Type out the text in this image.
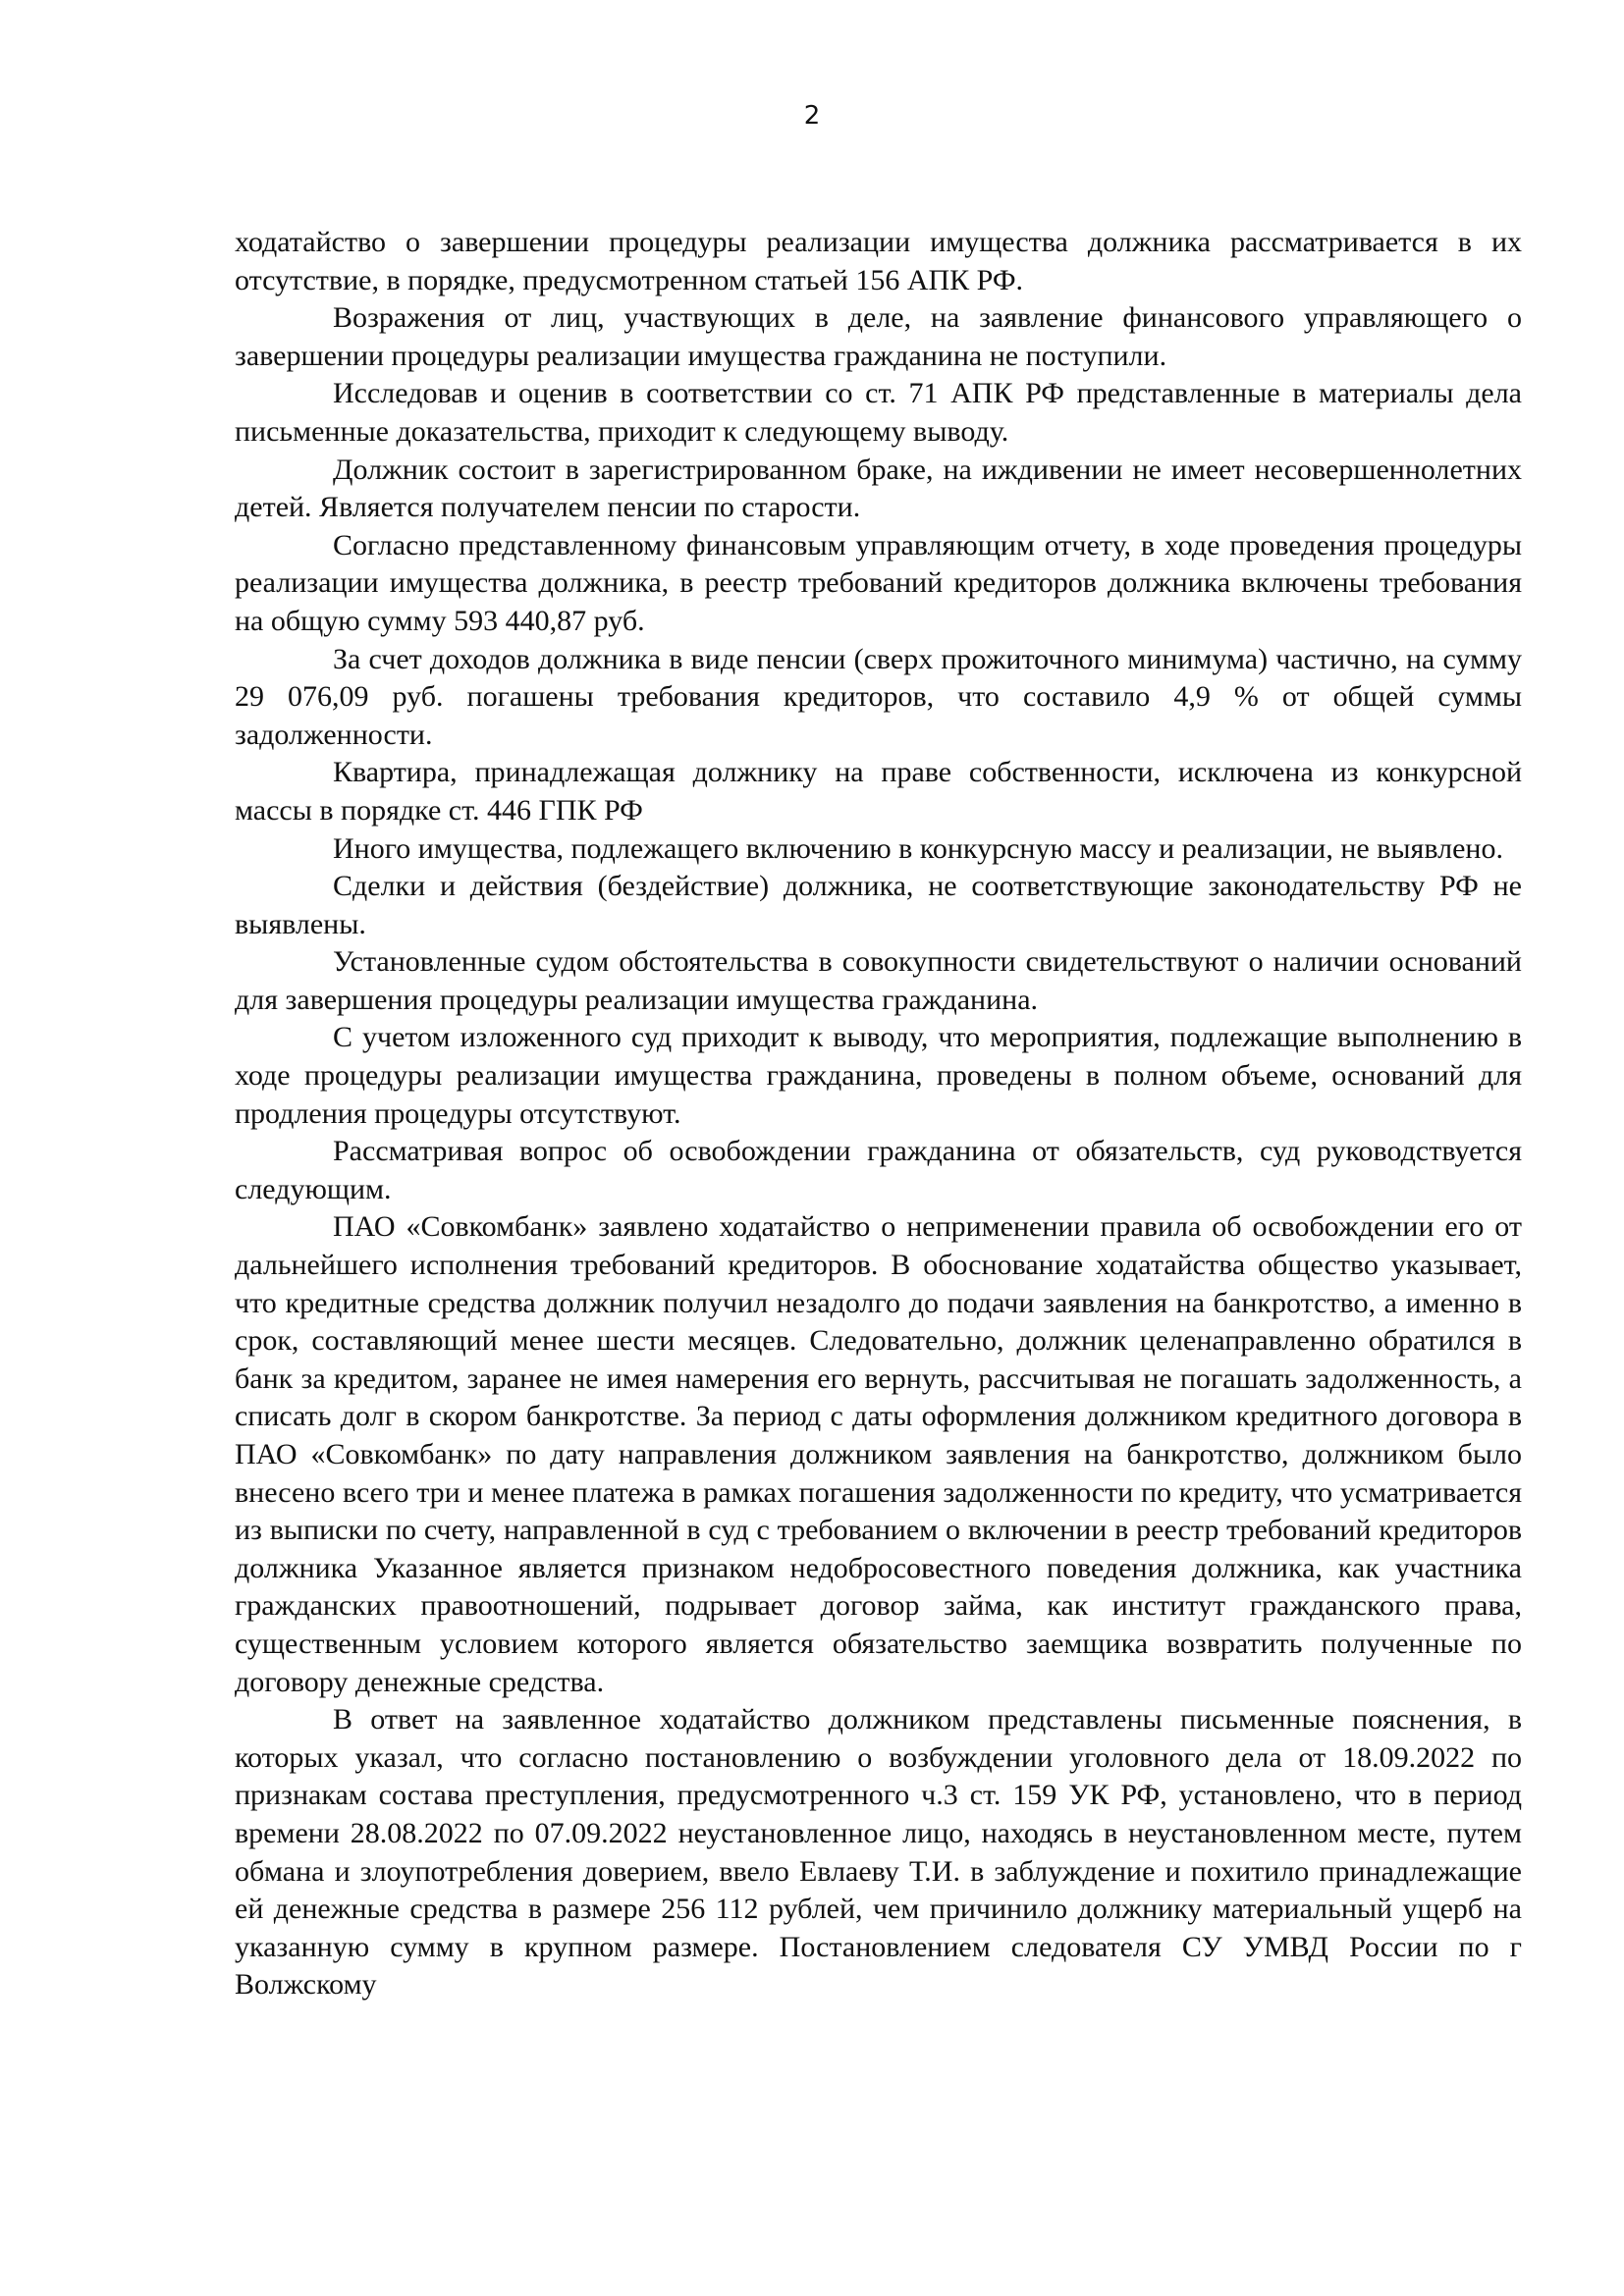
2

ходатайство о завершении процедуры реализации имущества должника рассматривается в их отсутствие, в порядке, предусмотренном статьей 156 АПК РФ.

Возражения от лиц, участвующих в деле, на заявление финансового управляющего о завершении процедуры реализации имущества гражданина не поступили.

Исследовав и оценив в соответствии со ст. 71 АПК РФ представленные в материалы дела письменные доказательства, приходит к следующему выводу.

Должник состоит в зарегистрированном браке, на иждивении не имеет несовершеннолетних детей. Является получателем пенсии по старости.

Согласно представленному финансовым управляющим отчету, в ходе проведения процедуры реализации имущества должника, в реестр требований кредиторов должника включены требования на общую сумму 593 440,87 руб.

За счет доходов должника в виде пенсии (сверх прожиточного минимума) частично, на сумму 29 076,09 руб. погашены требования кредиторов, что составило 4,9 % от общей суммы задолженности.

Квартира, принадлежащая должнику на праве собственности, исключена из конкурсной массы в порядке ст. 446 ГПК РФ

Иного имущества, подлежащего включению в конкурсную массу и реализации, не выявлено.

Сделки и действия (бездействие) должника, не соответствующие законодательству РФ не выявлены.

Установленные судом обстоятельства в совокупности свидетельствуют о наличии оснований для завершения процедуры реализации имущества гражданина.

С учетом изложенного суд приходит к выводу, что мероприятия, подлежащие выполнению в ходе процедуры реализации имущества гражданина, проведены в полном объеме, оснований для продления процедуры отсутствуют.

Рассматривая вопрос об освобождении гражданина от обязательств, суд руководствуется следующим.

ПАО «Совкомбанк» заявлено ходатайство о неприменении правила об освобождении его от дальнейшего исполнения требований кредиторов. В обоснование ходатайства общество указывает, что кредитные средства должник получил незадолго до подачи заявления на банкротство, а именно в срок, составляющий менее шести месяцев. Следовательно, должник целенаправленно обратился в банк за кредитом, заранее не имея намерения его вернуть, рассчитывая не погашать задолженность, а списать долг в скором банкротстве. За период с даты оформления должником кредитного договора в ПАО «Совкомбанк» по дату направления должником заявления на банкротство, должником было внесено всего три и менее платежа в рамках погашения задолженности по кредиту, что усматривается из выписки по счету, направленной в суд с требованием о включении в реестр требований кредиторов должника Указанное является признаком недобросовестного поведения должника, как участника гражданских правоотношений, подрывает договор займа, как институт гражданского права, существенным условием которого является обязательство заемщика возвратить полученные по договору денежные средства.

В ответ на заявленное ходатайство должником представлены письменные пояснения, в которых указал, что согласно постановлению о возбуждении уголовного дела от 18.09.2022 по признакам состава преступления, предусмотренного ч.3 ст. 159 УК РФ, установлено, что в период времени 28.08.2022 по 07.09.2022 неустановленное лицо, находясь в неустановленном месте, путем обмана и злоупотребления доверием, ввело Евлаеву Т.И. в заблуждение и похитило принадлежащие ей денежные средства в размере 256 112 рублей, чем причинило должнику материальный ущерб на указанную сумму в крупном размере. Постановлением следователя СУ УМВД России по г Волжскому
